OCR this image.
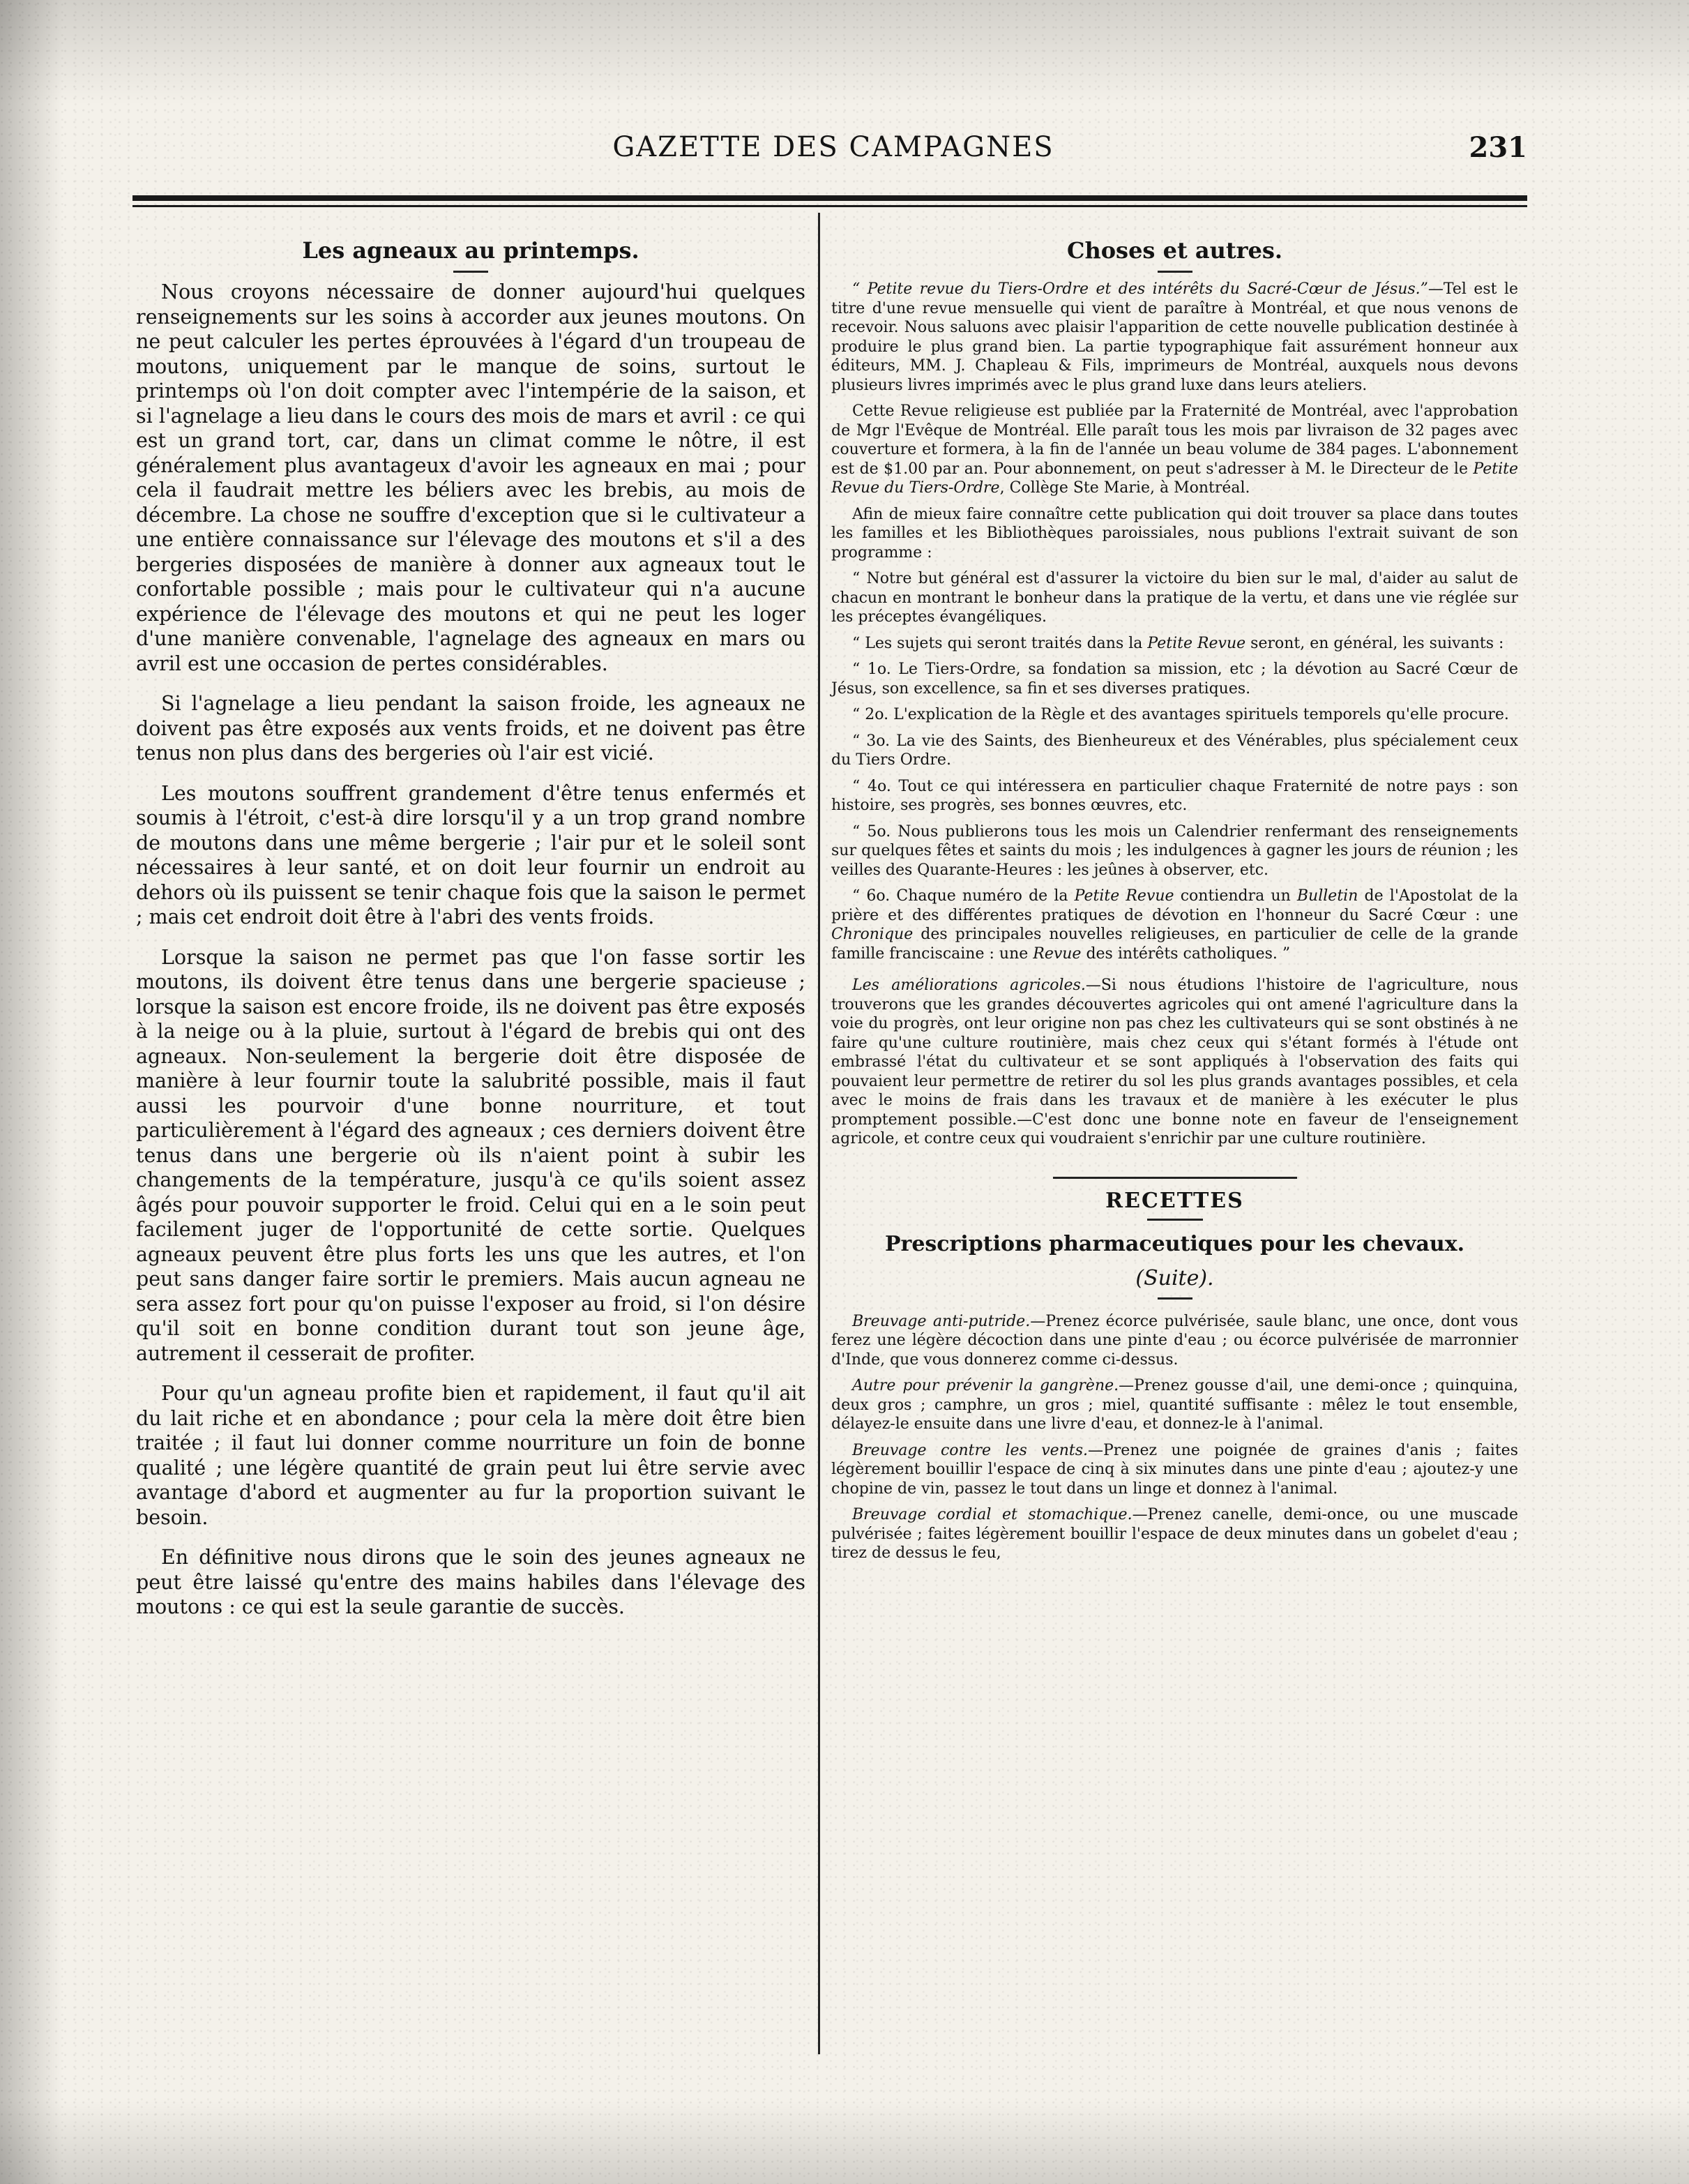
GAZETTE DES CAMPAGNES	231
Les agneaux au printemps.

Nous croyons nécessaire de donner aujourd'hui quelques renseignements sur les soins à accorder aux jeunes moutons. On ne peut calculer les pertes éprouvées à l'égard d'un troupeau de moutons, uniquement par le manque de soins, surtout le printemps où l'on doit compter avec l'intempérie de la saison, et si l'agnelage a lieu dans le cours des mois de mars et avril : ce qui est un grand tort, car, dans un climat comme le nôtre, il est généralement plus avantageux d'avoir les agneaux en mai ; pour cela il faudrait mettre les béliers avec les brebis, au mois de décembre. La chose ne souffre d'exception que si le cultivateur a une entière connaissance sur l'élevage des moutons et s'il a des bergeries disposées de manière à donner aux agneaux tout le confortable possible ; mais pour le cultivateur qui n'a aucune expérience de l'élevage des moutons et qui ne peut les loger d'une manière convenable, l'agnelage des agneaux en mars ou avril est une occasion de pertes considérables.

Si l'agnelage a lieu pendant la saison froide, les agneaux ne doivent pas être exposés aux vents froids, et ne doivent pas être tenus non plus dans des bergeries où l'air est vicié.

Les moutons souffrent grandement d'être tenus enfermés et soumis à l'étroit, c'est-à dire lorsqu'il y a un trop grand nombre de moutons dans une même bergerie ; l'air pur et le soleil sont nécessaires à leur santé, et on doit leur fournir un endroit au dehors où ils puissent se tenir chaque fois que la saison le permet ; mais cet endroit doit être à l'abri des vents froids.

Lorsque la saison ne permet pas que l'on fasse sortir les moutons, ils doivent être tenus dans une bergerie spacieuse ; lorsque la saison est encore froide, ils ne doivent pas être exposés à la neige ou à la pluie, surtout à l'égard de brebis qui ont des agneaux. Non-seulement la bergerie doit être disposée de manière à leur fournir toute la salubrité possible, mais il faut aussi les pourvoir d'une bonne nourriture, et tout particulièrement à l'égard des agneaux ; ces derniers doivent être tenus dans une bergerie où ils n'aient point à subir les changements de la température, jusqu'à ce qu'ils soient assez âgés pour pouvoir supporter le froid. Celui qui en a le soin peut facilement juger de l'opportunité de cette sortie. Quelques agneaux peuvent être plus forts les uns que les autres, et l'on peut sans danger faire sortir le premiers. Mais aucun agneau ne sera assez fort pour qu'on puisse l'exposer au froid, si l'on désire qu'il soit en bonne condition durant tout son jeune âge, autrement il cesserait de profiter.

Pour qu'un agneau profite bien et rapidement, il faut qu'il ait du lait riche et en abondance ; pour cela la mère doit être bien traitée ; il faut lui donner comme nourriture un foin de bonne qualité ; une légère quantité de grain peut lui être servie avec avantage d'abord et augmenter au fur la proportion suivant le besoin.

En définitive nous dirons que le soin des jeunes agneaux ne peut être laissé qu'entre des mains habiles dans l'élevage des moutons : ce qui est la seule garantie de succès.

Choses et autres.

“ Petite revue du Tiers-Ordre et des intérêts du Sacré-Cœur de Jésus.”—Tel est le titre d'une revue mensuelle qui vient de paraître à Montréal, et que nous venons de recevoir. Nous saluons avec plaisir l'apparition de cette nouvelle publication destinée à produire le plus grand bien. La partie typographique fait assurément honneur aux éditeurs, MM. J. Chapleau & Fils, imprimeurs de Montréal, auxquels nous devons plusieurs livres imprimés avec le plus grand luxe dans leurs ateliers.

Cette Revue religieuse est publiée par la Fraternité de Montréal, avec l'approbation de Mgr l'Evêque de Montréal. Elle paraît tous les mois par livraison de 32 pages avec couverture et formera, à la fin de l'année un beau volume de 384 pages. L'abonnement est de $1.00 par an. Pour abonnement, on peut s'adresser à M. le Directeur de le Petite Revue du Tiers-Ordre, Collège Ste Marie, à Montréal.

Afin de mieux faire connaître cette publication qui doit trouver sa place dans toutes les familles et les Bibliothèques paroissiales, nous publions l'extrait suivant de son programme :

“ Notre but général est d'assurer la victoire du bien sur le mal, d'aider au salut de chacun en montrant le bonheur dans la pratique de la vertu, et dans une vie réglée sur les préceptes évangéliques.

“ Les sujets qui seront traités dans la Petite Revue seront, en général, les suivants :

“ 1o. Le Tiers-Ordre, sa fondation sa mission, etc ; la dévotion au Sacré Cœur de Jésus, son excellence, sa fin et ses diverses pratiques.

“ 2o. L'explication de la Règle et des avantages spirituels temporels qu'elle procure.

“ 3o. La vie des Saints, des Bienheureux et des Vénérables, plus spécialement ceux du Tiers Ordre.

“ 4o. Tout ce qui intéressera en particulier chaque Fraternité de notre pays : son histoire, ses progrès, ses bonnes œuvres, etc.

“ 5o. Nous publierons tous les mois un Calendrier renfermant des renseignements sur quelques fêtes et saints du mois ; les indulgences à gagner les jours de réunion ; les veilles des Quarante-Heures : les jeûnes à observer, etc.

“ 6o. Chaque numéro de la Petite Revue contiendra un Bulletin de l'Apostolat de la prière et des différentes pratiques de dévotion en l'honneur du Sacré Cœur : une Chronique des principales nouvelles religieuses, en particulier de celle de la grande famille franciscaine : une Revue des intérêts catholiques. ”

Les améliorations agricoles.—Si nous étudions l'histoire de l'agriculture, nous trouverons que les grandes découvertes agricoles qui ont amené l'agriculture dans la voie du progrès, ont leur origine non pas chez les cultivateurs qui se sont obstinés à ne faire qu'une culture routinière, mais chez ceux qui s'étant formés à l'étude ont embrassé l'état du cultivateur et se sont appliqués à l'observation des faits qui pouvaient leur permettre de retirer du sol les plus grands avantages possibles, et cela avec le moins de frais dans les travaux et de manière à les exécuter le plus promptement possible.—C'est donc une bonne note en faveur de l'enseignement agricole, et contre ceux qui voudraient s'enrichir par une culture routinière.

RECETTES
Prescriptions pharmaceutiques pour les chevaux.
(Suite).

Breuvage anti-putride.—Prenez écorce pulvérisée, saule blanc, une once, dont vous ferez une légère décoction dans une pinte d'eau ; ou écorce pulvérisée de marronnier d'Inde, que vous donnerez comme ci-dessus.

Autre pour prévenir la gangrène.—Prenez gousse d'ail, une demi-once ; quinquina, deux gros ; camphre, un gros ; miel, quantité suffisante : mêlez le tout ensemble, délayez-le ensuite dans une livre d'eau, et donnez-le à l'animal.

Breuvage contre les vents.—Prenez une poignée de graines d'anis ; faites légèrement bouillir l'espace de cinq à six minutes dans une pinte d'eau ; ajoutez-y une chopine de vin, passez le tout dans un linge et donnez à l'animal.

Breuvage cordial et stomachique.—Prenez canelle, demi-once, ou une muscade pulvérisée ; faites légèrement bouillir l'espace de deux minutes dans un gobelet d'eau ; tirez de dessus le feu,
